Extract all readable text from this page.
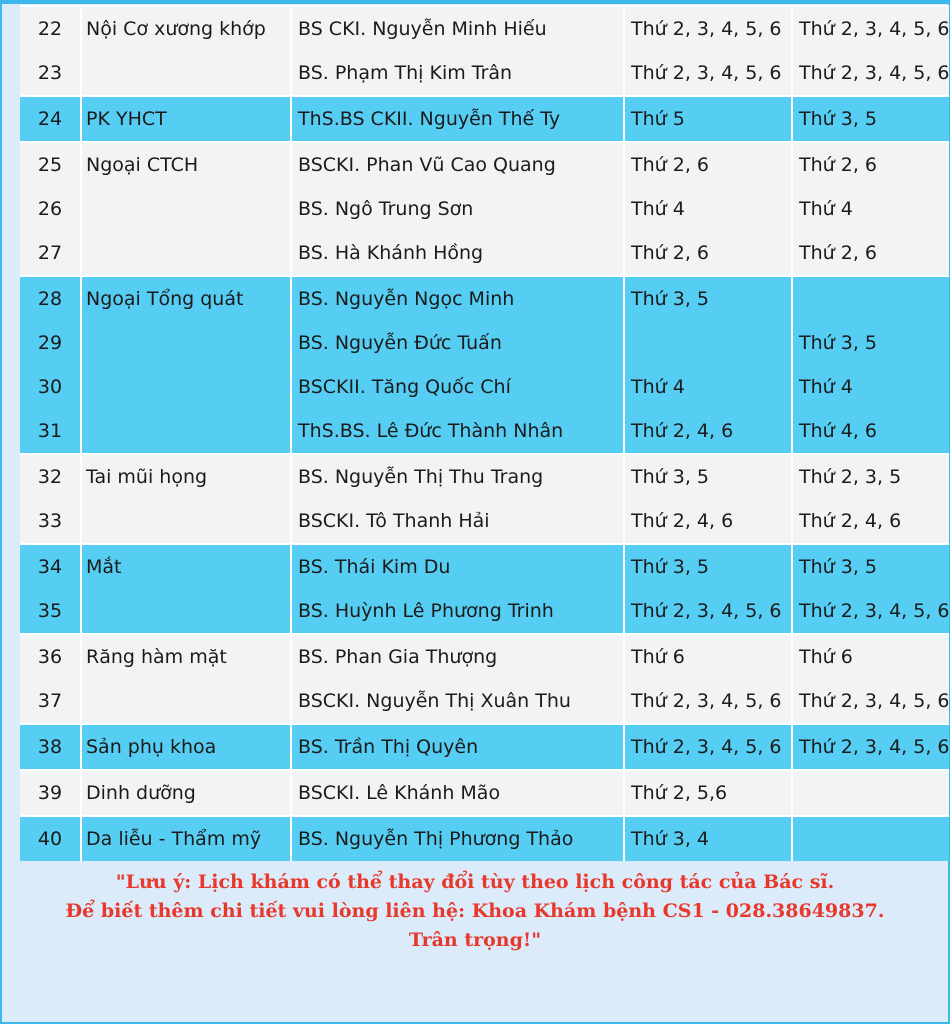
22	Nội Cơ xương khớp	BS CKI. Nguyễn Minh Hiếu	Thứ 2, 3, 4, 5, 6	Thứ 2, 3, 4, 5, 6
23		BS. Phạm Thị Kim Trân	Thứ 2, 3, 4, 5, 6	Thứ 2, 3, 4, 5, 6
24	PK YHCT	ThS.BS CKII. Nguyễn Thế Ty	Thứ 5	Thứ 3, 5
25	Ngoại CTCH	BSCKI. Phan Vũ Cao Quang	Thứ 2, 6	Thứ 2, 6
26		BS. Ngô Trung Sơn	Thứ 4	Thứ 4
27		BS. Hà Khánh Hồng	Thứ 2, 6	Thứ 2, 6
28	Ngoại Tổng quát	BS. Nguyễn Ngọc Minh	Thứ 3, 5	
29		BS. Nguyễn Đức Tuấn		Thứ 3, 5
30		BSCKII. Tăng Quốc Chí	Thứ 4	Thứ 4
31		ThS.BS. Lê Đức Thành Nhân	Thứ 2, 4, 6	Thứ 4, 6
32	Tai mũi họng	BS. Nguyễn Thị Thu Trang	Thứ 3, 5	Thứ 2, 3, 5
33		BSCKI. Tô Thanh Hải	Thứ 2, 4, 6	Thứ 2, 4, 6
34	Mắt	BS. Thái Kim Du	Thứ 3, 5	Thứ 3, 5
35		BS. Huỳnh Lê Phương Trinh	Thứ 2, 3, 4, 5, 6	Thứ 2, 3, 4, 5, 6
36	Răng hàm mặt	BS. Phan Gia Thượng	Thứ 6	Thứ 6
37		BSCKI. Nguyễn Thị Xuân Thu	Thứ 2, 3, 4, 5, 6	Thứ 2, 3, 4, 5, 6
38	Sản phụ khoa	BS. Trần Thị Quyên	Thứ 2, 3, 4, 5, 6	Thứ 2, 3, 4, 5, 6
39	Dinh dưỡng	BSCKI. Lê Khánh Mão	Thứ 2, 5,6	
40	Da liễu - Thẩm mỹ	BS. Nguyễn Thị Phương Thảo	Thứ 3, 4	
"Lưu ý: Lịch khám có thể thay đổi tùy theo lịch công tác của Bác sĩ.
Để biết thêm chi tiết vui lòng liên hệ: Khoa Khám bệnh CS1 - 028.38649837.
Trân trọng!"
